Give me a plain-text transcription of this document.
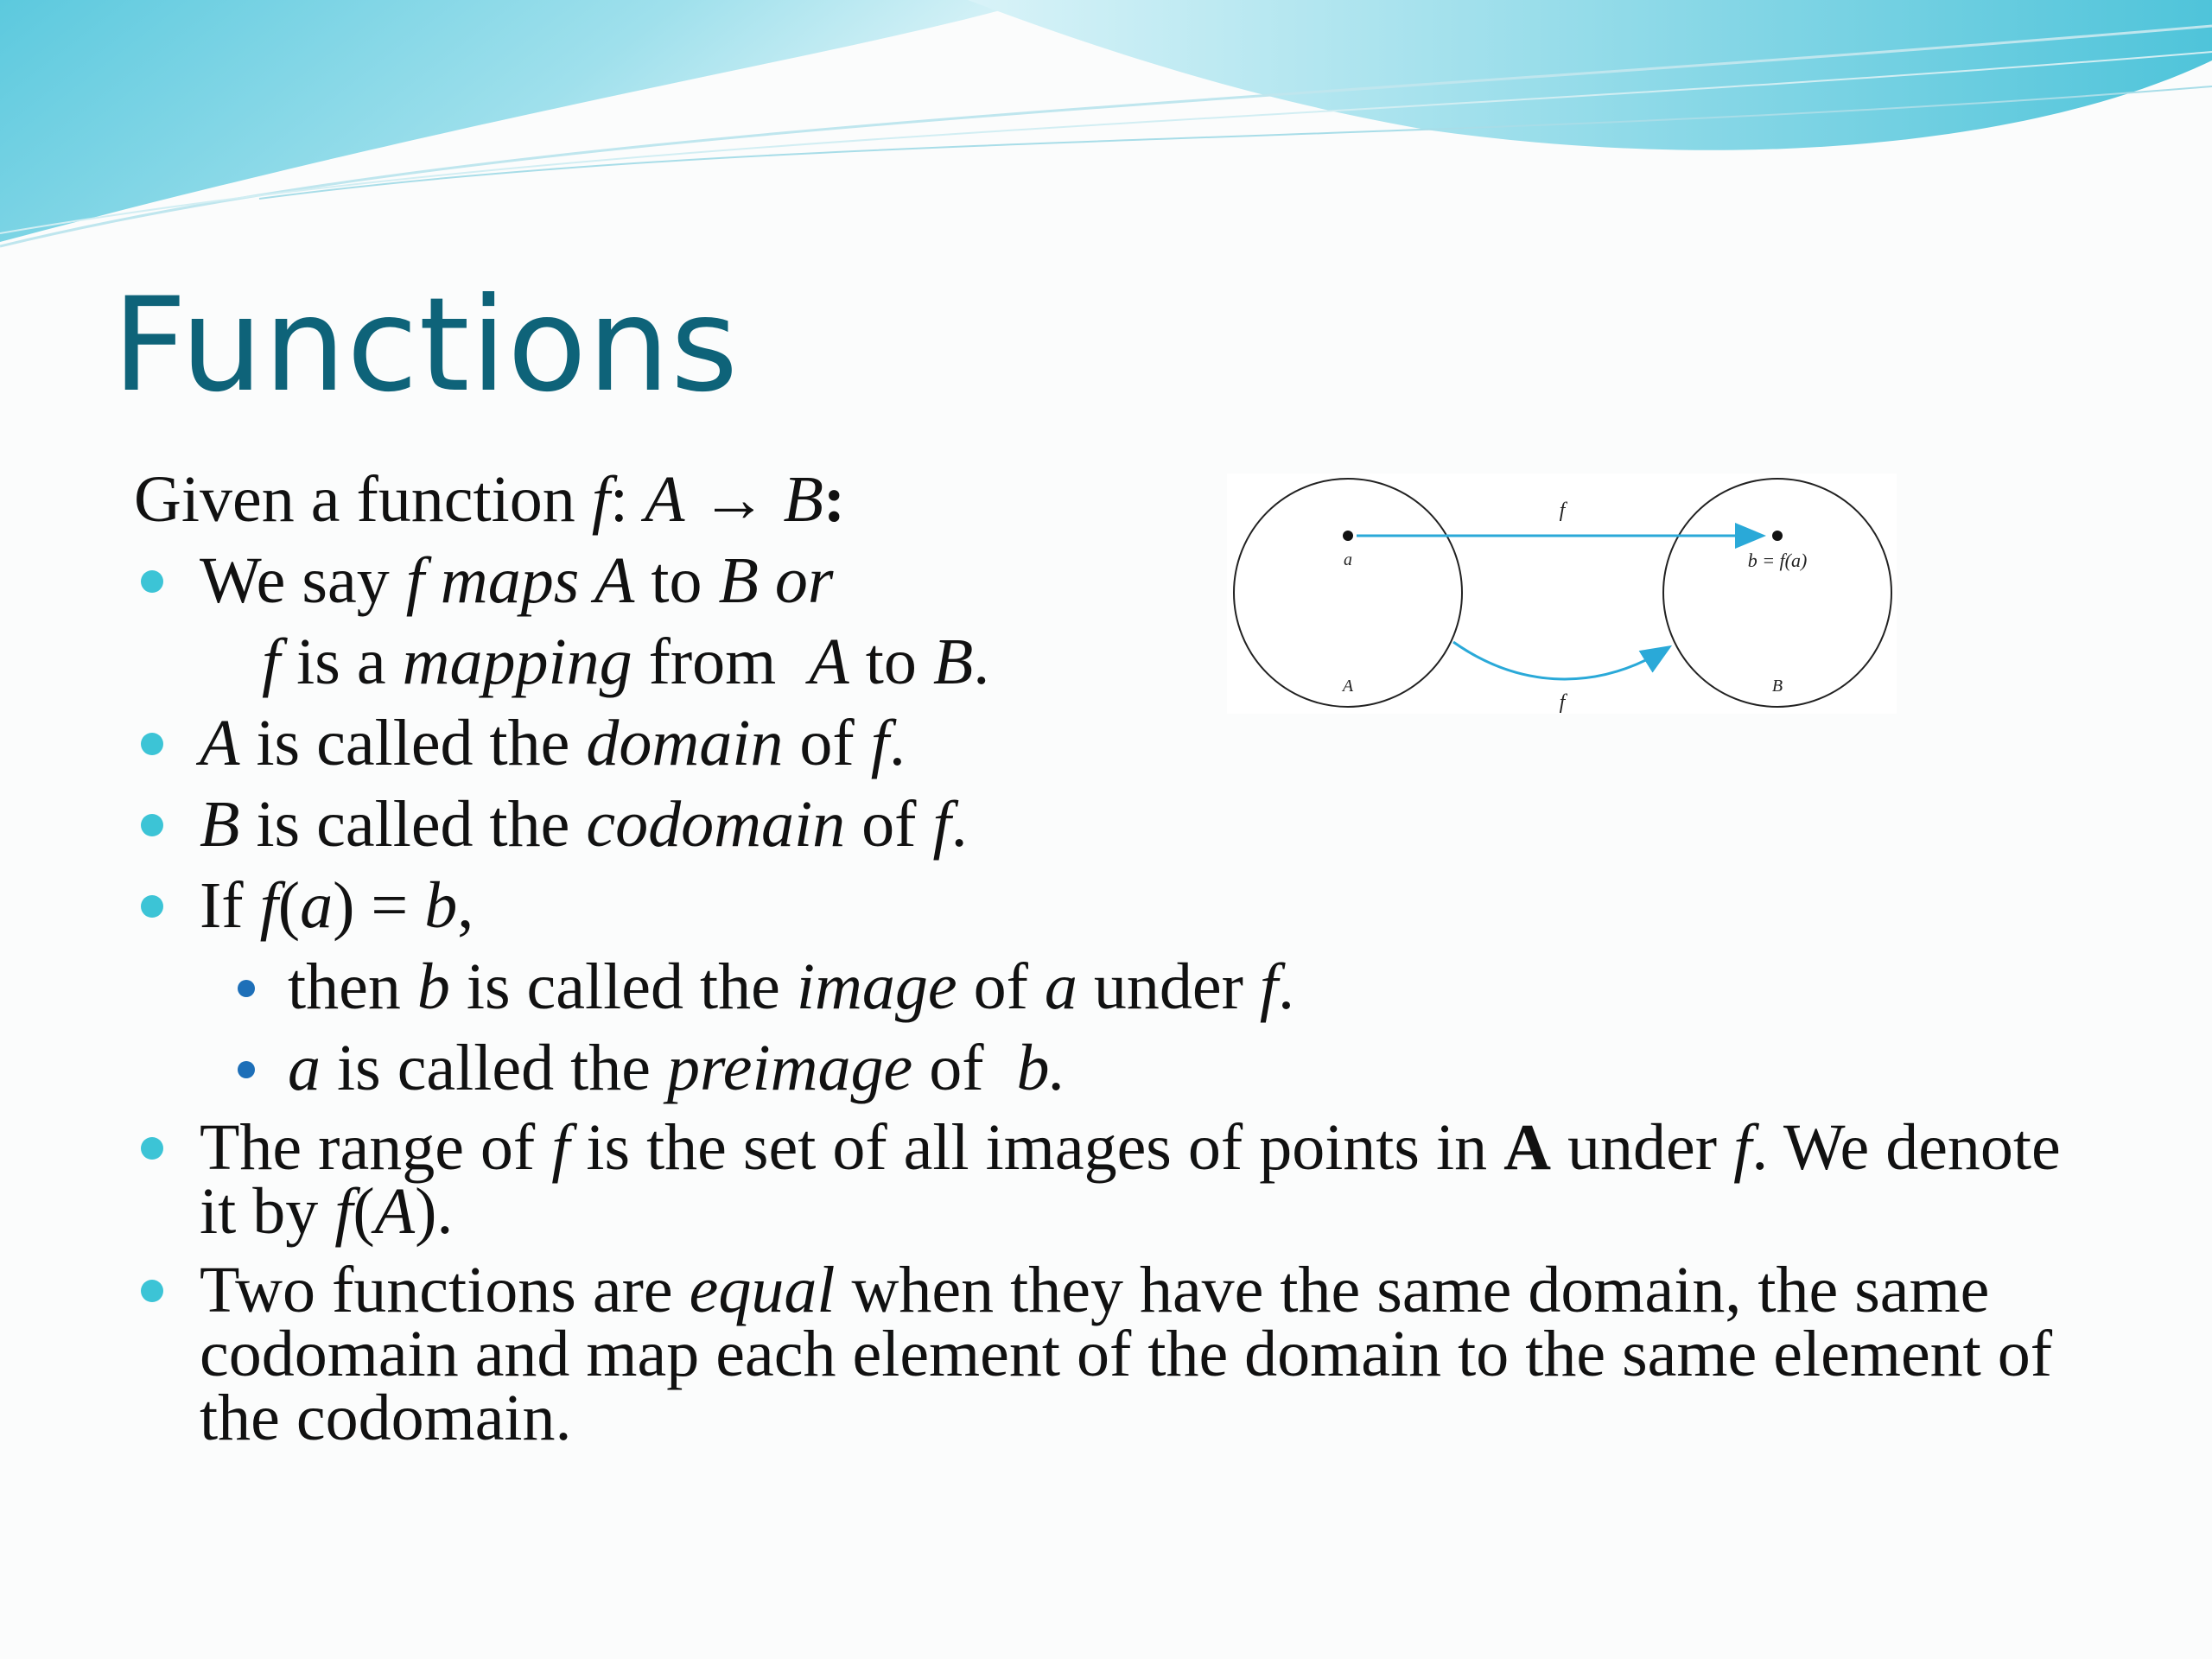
Functions
Given a function f: A → B:
We say f maps A to B or
f is a mapping from  A to B.
A is called the domain of f.
B is called the codomain of f.
If f(a) = b,
then b is called the image of a under f.
a is called the preimage of  b.
The range of f is the set of all images of points in A under f. We denote it by f(A).
Two functions are equal when they have the same domain, the same codomain and map each element of the domain to the same element of the codomain.
f
f
a	b = f(a)
A	B
